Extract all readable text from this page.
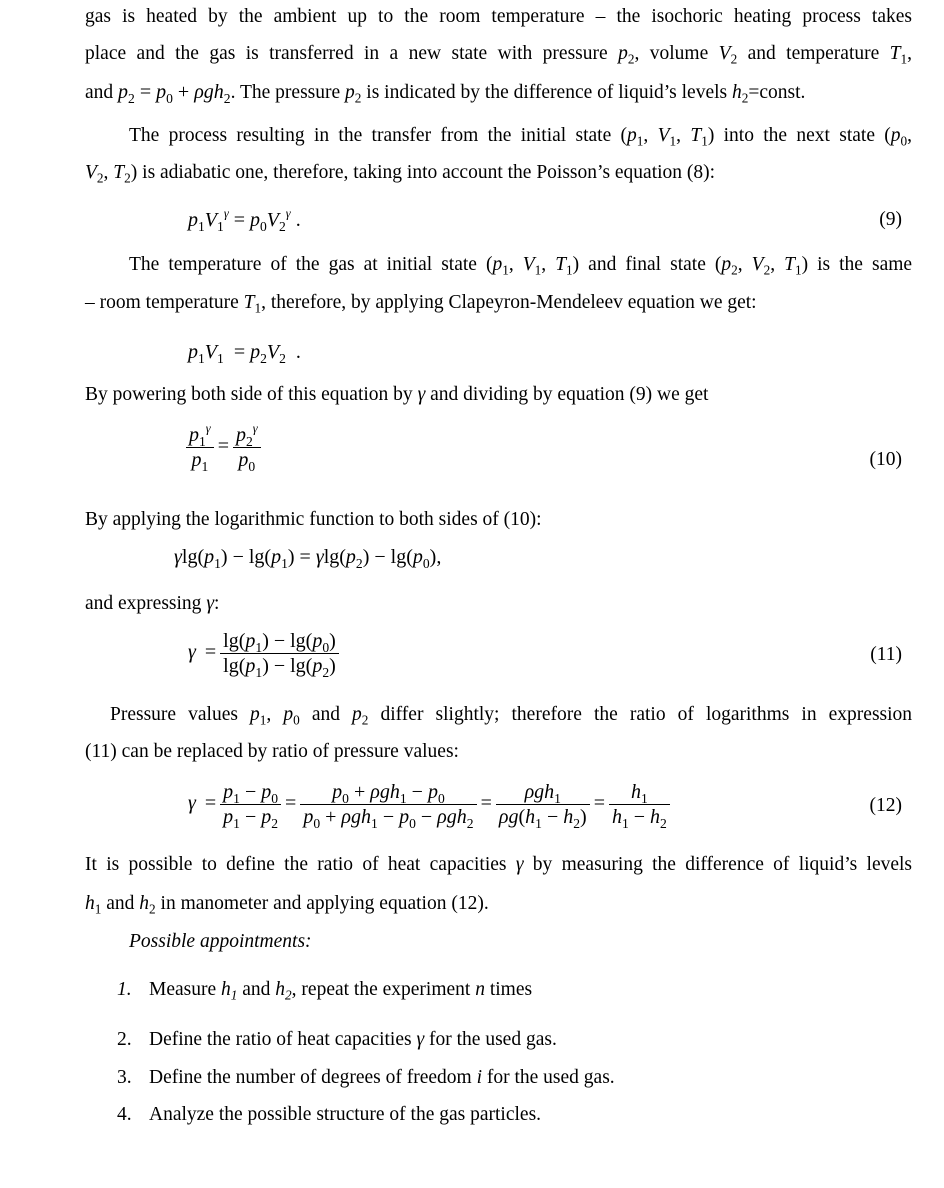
gas is heated by the ambient up to the room temperature – the isochoric heating process takes
place and the gas is transferred in a new state with pressure $p_2$, volume $V_2$ and temperature $T_1$,
and $p_2 = p_0 + \rho gh_2$. The pressure $p_2$ is indicated by the difference of liquid’s levels $h_2=const$.
The process resulting in the transfer from the initial state ($p_1$, $V_1$, $T_1$) into the next state ($p_0$,
$V_2$, $T_2$) is adiabatic one, therefore, taking into account the Poisson’s equation (8):
$p_1V_1^\gamma = p_0V_2^\gamma$ .	(9)
The temperature of the gas at initial state ($p_1$, $V_1$, $T_1$) and final state ($p_2$, $V_2$, $T_1$) is the same
– room temperature $T_1$, therefore, by applying Clapeyron-Mendeleev equation we get:
$p_1V_1 = p_2V_2$  .
By powering both side of this equation by γ and dividing by equation (9) we get
$\frac{p_1^\gamma}{p_1} = \frac{p_2^\gamma}{p_0}$	(10)
By applying the logarithmic function to both sides of (10):
$\gamma\lg(p_1) - \lg(p_1) = \gamma\lg(p_2) - \lg(p_0)$,
and expressing γ:
$\gamma = \frac{\lg(p_1) - \lg(p_0)}{\lg(p_1) - \lg(p_2)}$	(11)
Pressure values $p_1$, $p_0$ and $p_2$ differ slightly; therefore the ratio of logarithms in expression
(11) can be replaced by ratio of pressure values:
$\gamma = \frac{p_1 - p_0}{p_1 - p_2} = \frac{p_0 + \rho gh_1 - p_0}{p_0 + \rho gh_1 - p_0 - \rho gh_2} = \frac{\rho gh_1}{\rho g(h_1 - h_2)} = \frac{h_1}{h_1 - h_2}$	(12)
It is possible to define the ratio of heat capacities γ by measuring the difference of liquid’s levels
$h_1$ and $h_2$ in manometer and applying equation (12).
Possible appointments:
1. Measure $h_1$ and $h_2$, repeat the experiment n times
2. Define the ratio of heat capacities γ for the used gas.
3. Define the number of degrees of freedom i for the used gas.
4. Analyze the possible structure of the gas particles.
